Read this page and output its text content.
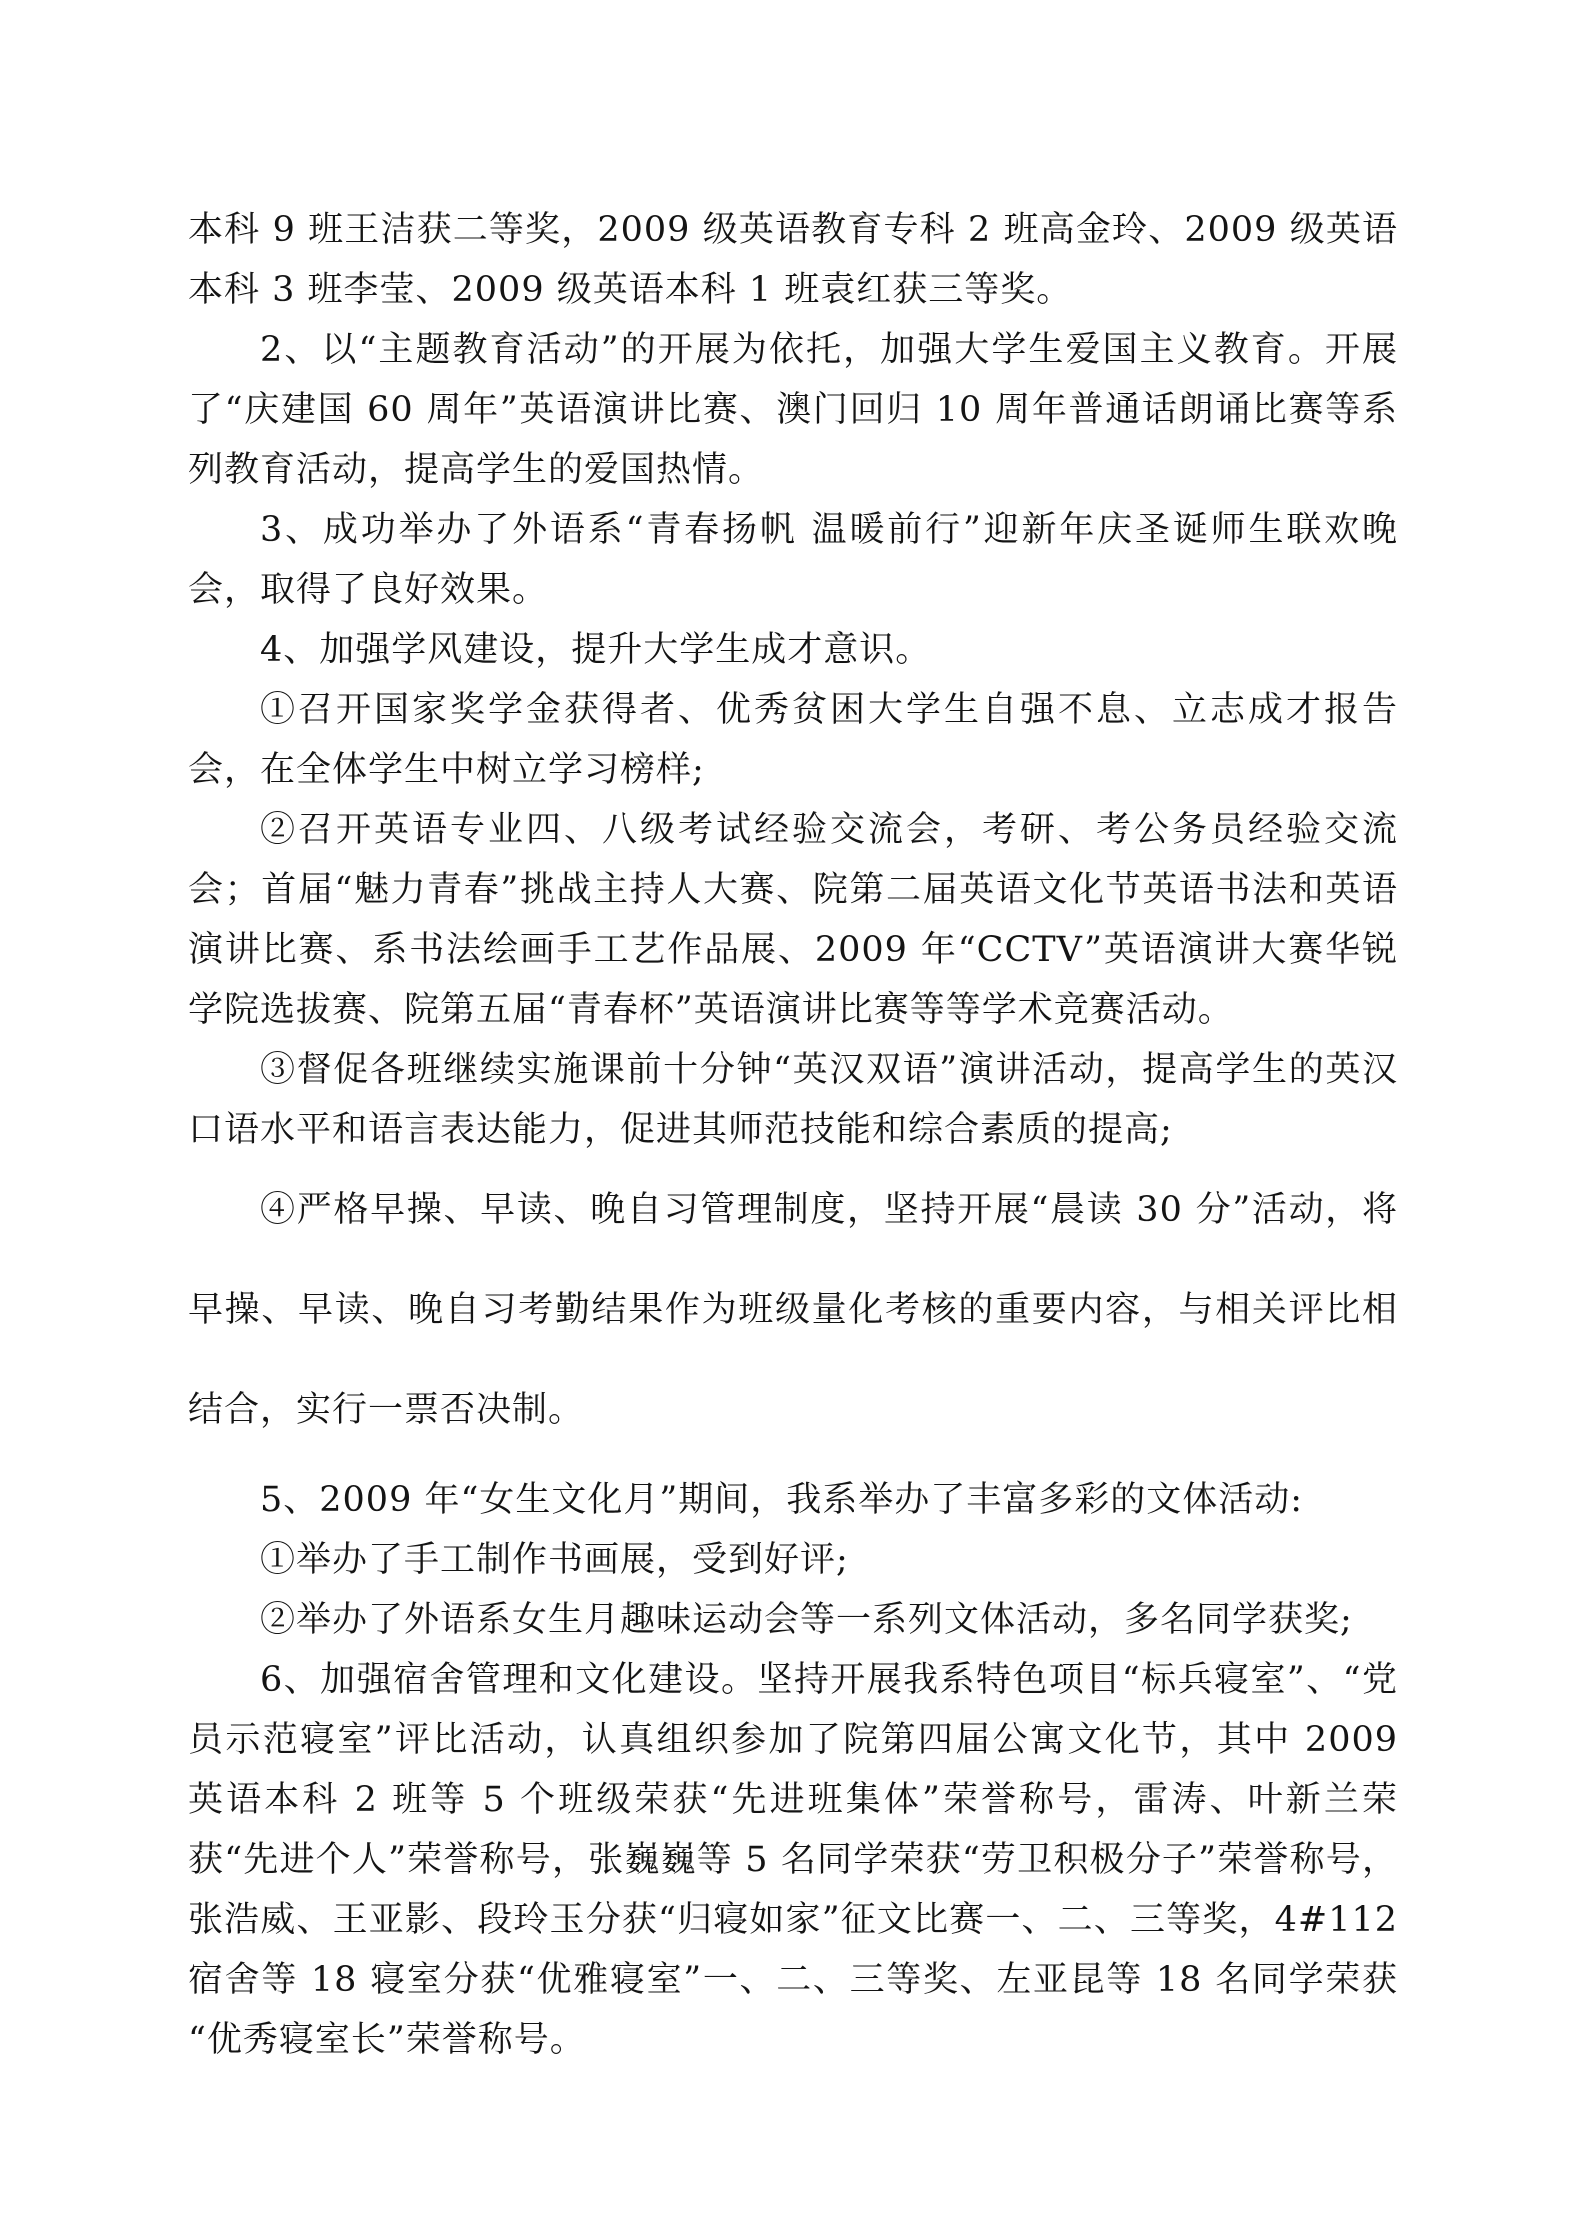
本科 9 班王洁获二等奖，2009 级英语教育专科 2 班高金玲、2009 级英语本科 3 班李莹、2009 级英语本科 1 班袁红获三等奖。

2、以“主题教育活动”的开展为依托，加强大学生爱国主义教育。开展了“庆建国 60 周年”英语演讲比赛、澳门回归 10 周年普通话朗诵比赛等系列教育活动，提高学生的爱国热情。

3、成功举办了外语系“青春扬帆 温暖前行”迎新年庆圣诞师生联欢晚会，取得了良好效果。

4、加强学风建设，提升大学生成才意识。

①召开国家奖学金获得者、优秀贫困大学生自强不息、立志成才报告会，在全体学生中树立学习榜样;

②召开英语专业四、八级考试经验交流会，考研、考公务员经验交流会；首届“魅力青春”挑战主持人大赛、院第二届英语文化节英语书法和英语演讲比赛、系书法绘画手工艺作品展、2009 年“CCTV”英语演讲大赛华锐学院选拔赛、院第五届“青春杯”英语演讲比赛等等学术竞赛活动。

③督促各班继续实施课前十分钟“英汉双语”演讲活动，提高学生的英汉口语水平和语言表达能力，促进其师范技能和综合素质的提高;

④严格早操、早读、晚自习管理制度，坚持开展“晨读 30 分”活动，将早操、早读、晚自习考勤结果作为班级量化考核的重要内容，与相关评比相结合，实行一票否决制。

5、2009 年“女生文化月”期间，我系举办了丰富多彩的文体活动:

①举办了手工制作书画展，受到好评;

②举办了外语系女生月趣味运动会等一系列文体活动，多名同学获奖;

6、加强宿舍管理和文化建设。坚持开展我系特色项目“标兵寝室”、“党员示范寝室”评比活动，认真组织参加了院第四届公寓文化节，其中 2009 英语本科 2 班等 5 个班级荣获“先进班集体”荣誉称号，雷涛、叶新兰荣获“先进个人”荣誉称号，张巍巍等 5 名同学荣获“劳卫积极分子”荣誉称号，张浩威、王亚影、段玲玉分获“归寝如家”征文比赛一、二、三等奖，4#112 宿舍等 18 寝室分获“优雅寝室”一、二、三等奖、左亚昆等 18 名同学荣获 “优秀寝室长”荣誉称号。
